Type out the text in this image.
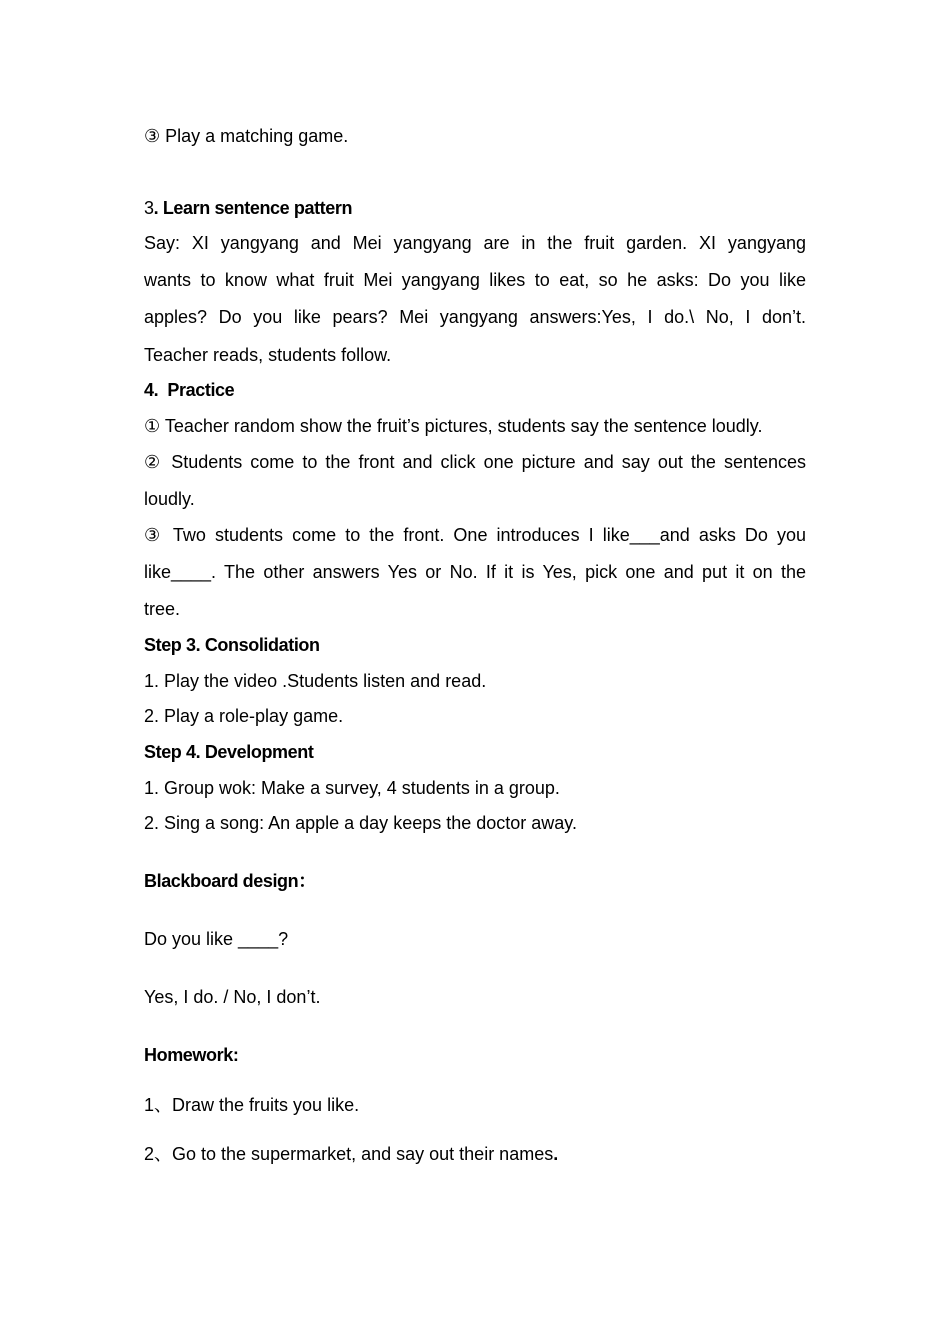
③ Play a matching game.
3. Learn sentence pattern
Say: XI yangyang and Mei yangyang are in the fruit garden. XI yangyang
wants to know what fruit Mei yangyang likes to eat, so he asks: Do you like
apples? Do you like pears? Mei yangyang answers:Yes, I do.\ No, I don’t.
Teacher reads, students follow.
4.  Practice
① Teacher random show the fruit’s pictures, students say the sentence loudly.
② Students come to the front and click one picture and say out the sentences
loudly.
③ Two students come to the front. One introduces I like___and asks Do you
like____. The other answers Yes or No. If it is Yes, pick one and put it on the
tree.
Step 3. Consolidation
1. Play the video .Students listen and read.
2. Play a role-play game.
Step 4. Development
1. Group wok: Make a survey, 4 students in a group.
2. Sing a song: An apple a day keeps the doctor away.
Blackboard design：
Do you like ____?
Yes, I do. / No, I don’t.
Homework:
1、Draw the fruits you like.
2、Go to the supermarket, and say out their names.
